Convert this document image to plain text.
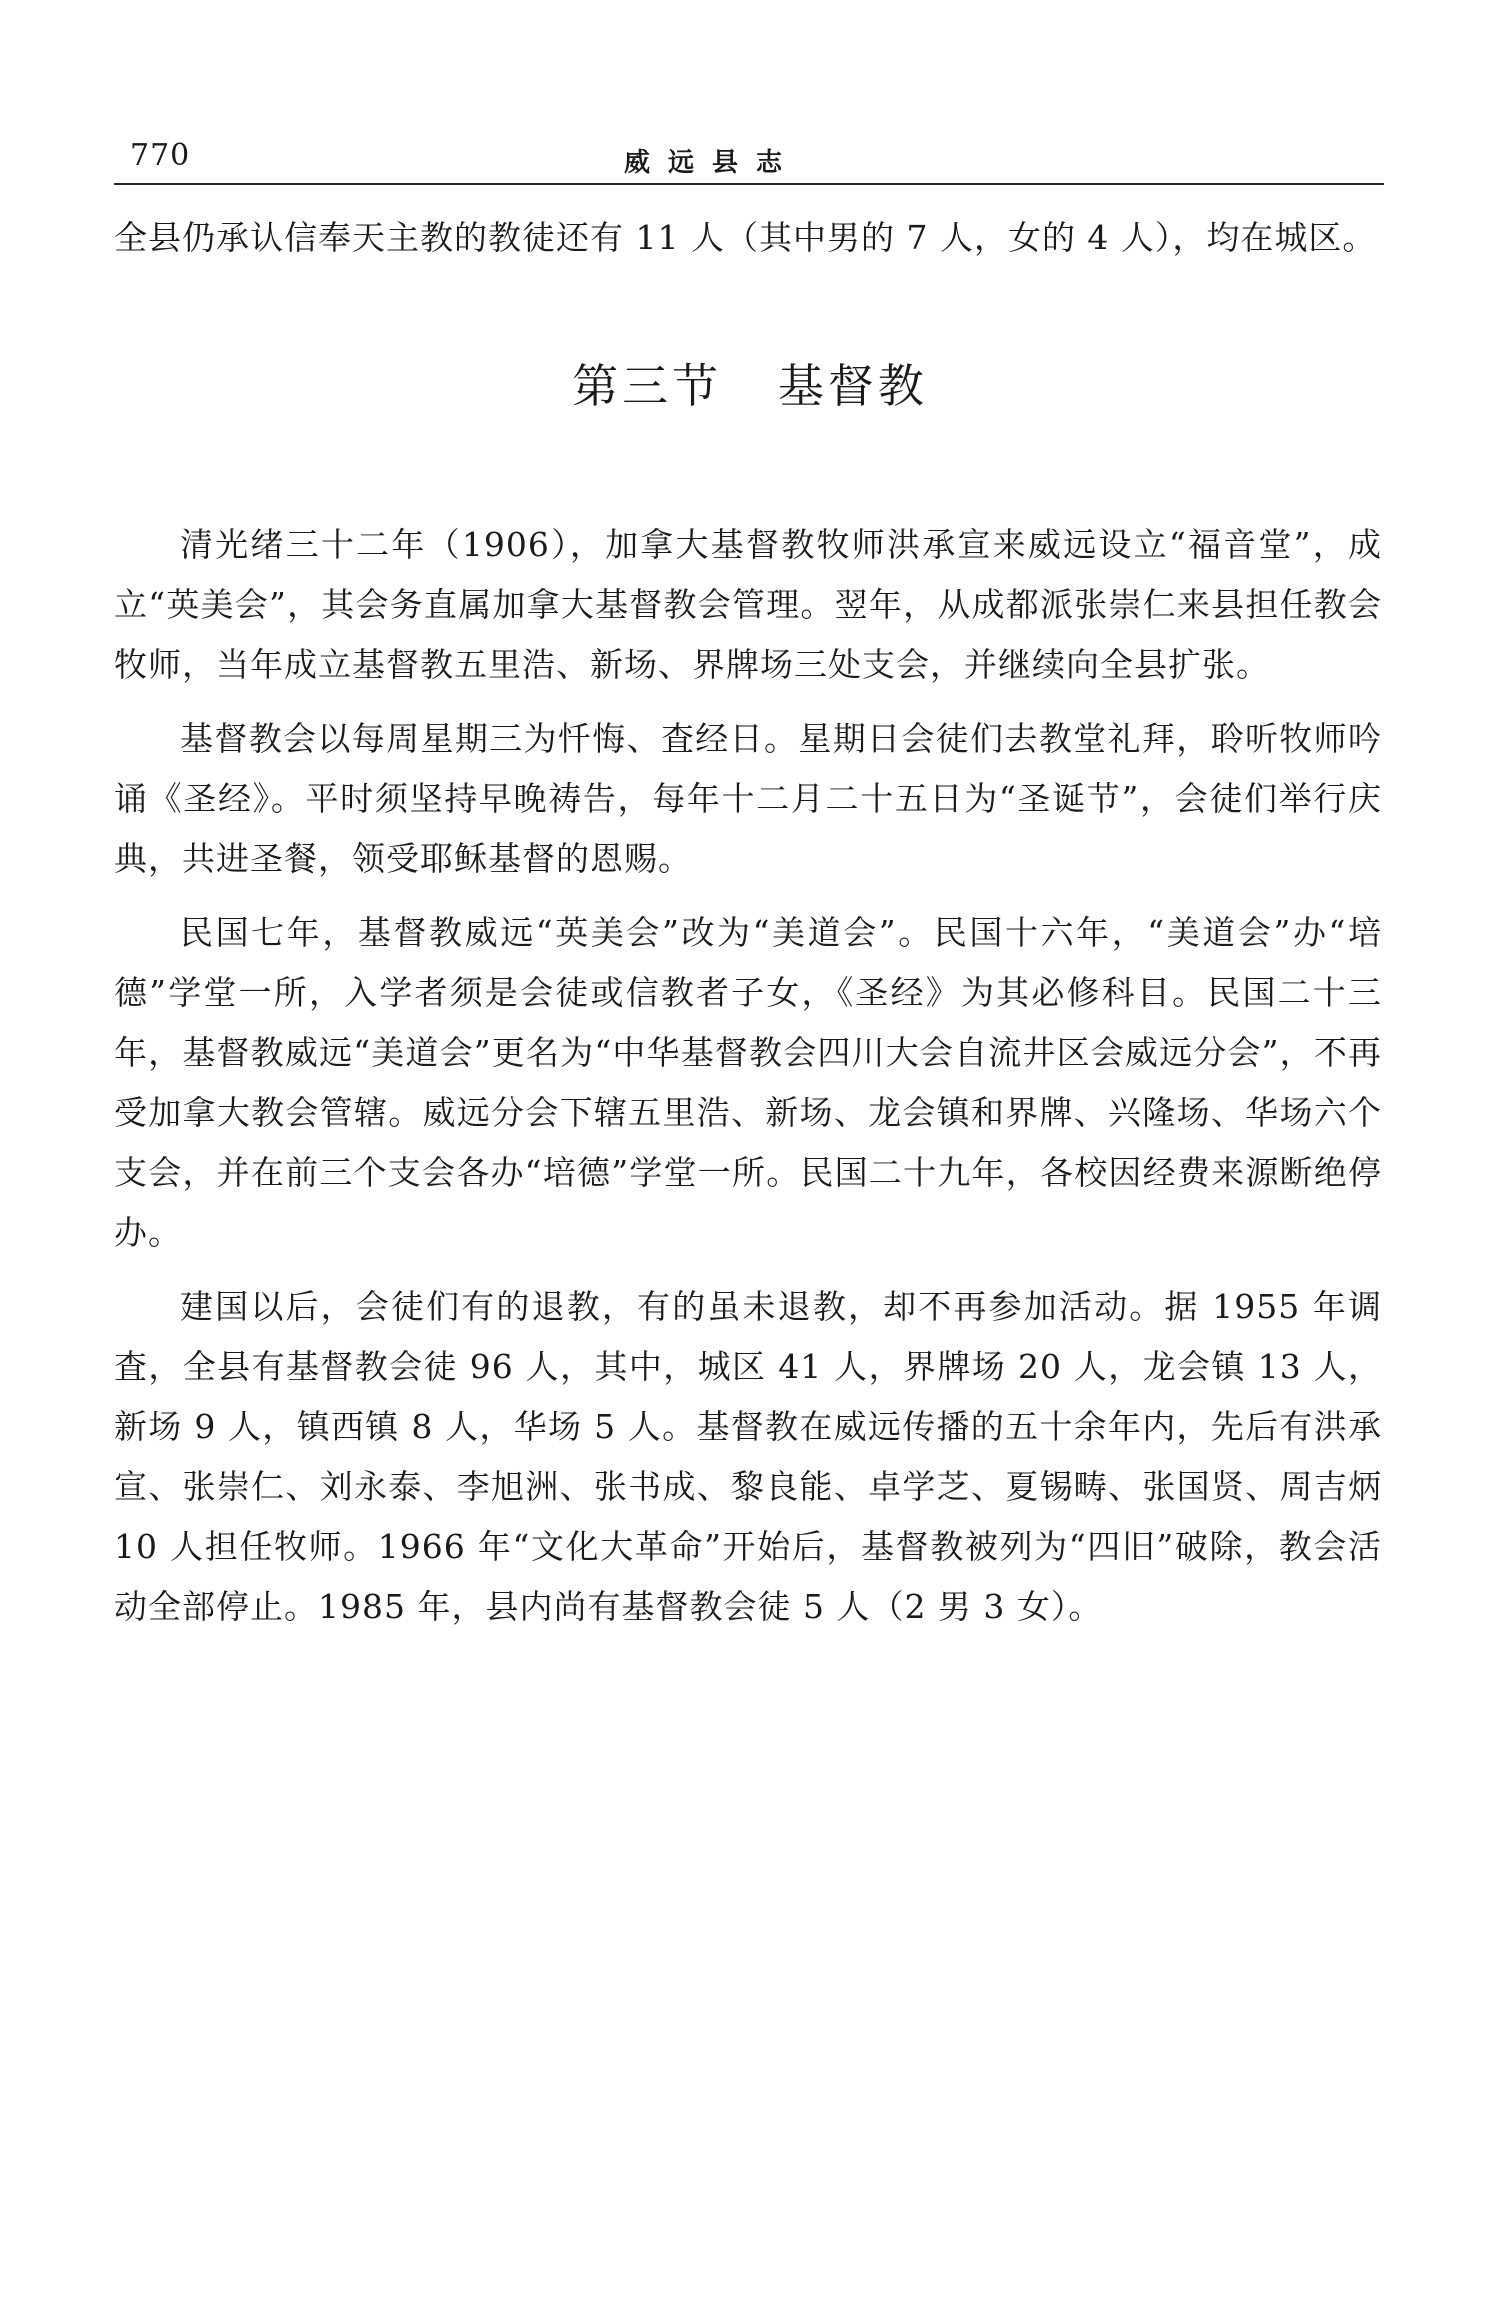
770	威远县志
全县仍承认信奉天主教的教徒还有 11 人（其中男的 7 人，女的 4 人），均在城区。
第三节   基督教

清光绪三十二年（1906），加拿大基督教牧师洪承宣来威远设立“福音堂”，成立“英美会”，其会务直属加拿大基督教会管理。翌年，从成都派张崇仁来县担任教会牧师，当年成立基督教五里浩、新场、界牌场三处支会，并继续向全县扩张。

基督教会以每周星期三为忏悔、査经日。星期日会徒们去教堂礼拜，聆听牧师吟诵《圣经》。平时须坚持早晚祷告，每年十二月二十五日为“圣诞节”，会徒们举行庆典，共进圣餐，领受耶稣基督的恩赐。

民国七年，基督教威远“英美会”改为“美道会”。民国十六年，“美道会”办“培德”学堂一所，入学者须是会徒或信教者子女，《圣经》为其必修科目。民国二十三年，基督教威远“美道会”更名为“中华基督教会四川大会自流井区会威远分会”，不再受加拿大教会管辖。威远分会下辖五里浩、新场、龙会镇和界牌、兴隆场、华场六个支会，并在前三个支会各办“培德”学堂一所。民国二十九年，各校因经费来源断绝停办。

建国以后，会徒们有的退教，有的虽未退教，却不再参加活动。据 1955 年调査，全县有基督教会徒 96 人，其中，城区 41 人，界牌场 20 人，龙会镇 13 人，新场 9 人，镇西镇 8 人，华场 5 人。基督教在威远传播的五十余年内，先后有洪承宣、张崇仁、刘永泰、李旭洲、张书成、黎良能、卓学芝、夏锡畴、张国贤、周吉炳 10 人担任牧师。1966 年“文化大革命”开始后，基督教被列为“四旧”破除，教会活动全部停止。1985 年，县内尚有基督教会徒 5 人（2 男 3 女）。
